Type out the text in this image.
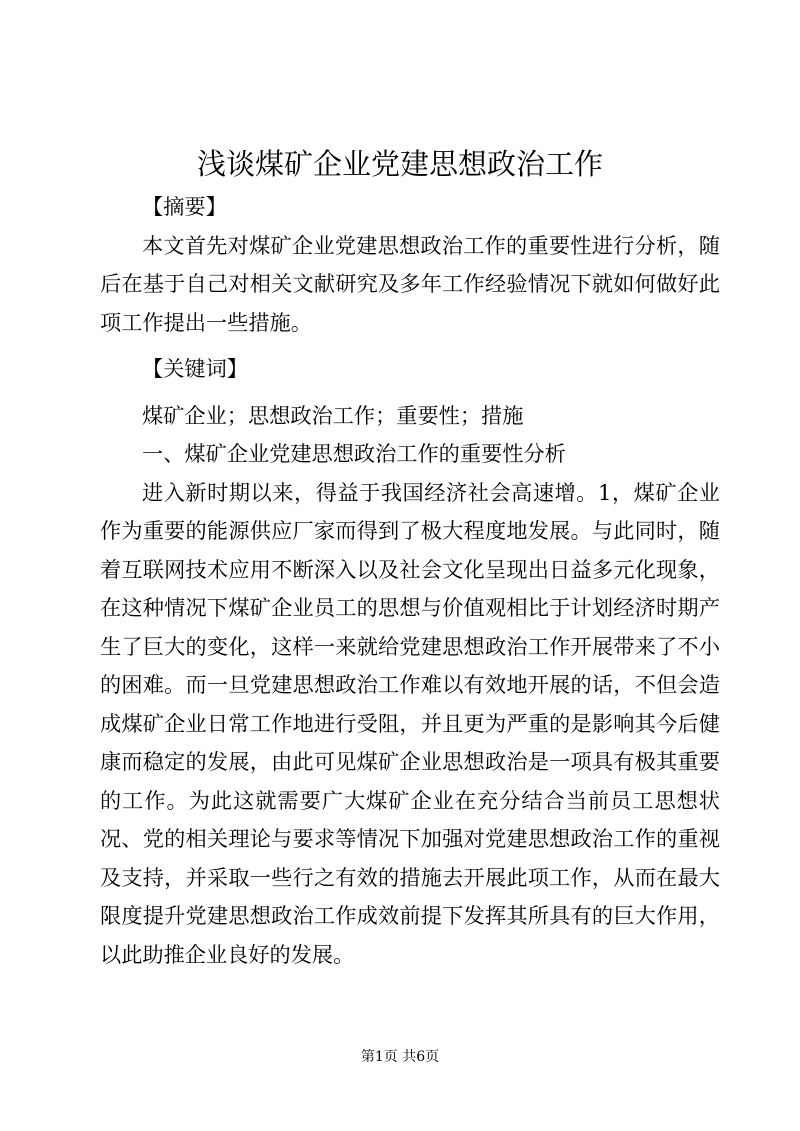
浅谈煤矿企业党建思想政治工作

【摘要】

本文首先对煤矿企业党建思想政治工作的重要性进行分析，随后在基于自己对相关文献研究及多年工作经验情况下就如何做好此项工作提出一些措施。

【关键词】

煤矿企业；思想政治工作；重要性；措施

一、煤矿企业党建思想政治工作的重要性分析

进入新时期以来，得益于我国经济社会高速增。1，煤矿企业作为重要的能源供应厂家而得到了极大程度地发展。与此同时，随着互联网技术应用不断深入以及社会文化呈现出日益多元化现象，在这种情况下煤矿企业员工的思想与价值观相比于计划经济时期产生了巨大的变化，这样一来就给党建思想政治工作开展带来了不小的困难。而一旦党建思想政治工作难以有效地开展的话，不但会造成煤矿企业日常工作地进行受阻，并且更为严重的是影响其今后健康而稳定的发展，由此可见煤矿企业思想政治是一项具有极其重要的工作。为此这就需要广大煤矿企业在充分结合当前员工思想状况、党的相关理论与要求等情况下加强对党建思想政治工作的重视及支持，并采取一些行之有效的措施去开展此项工作，从而在最大限度提升党建思想政治工作成效前提下发挥其所具有的巨大作用，以此助推企业良好的发展。

第1页 共6页
